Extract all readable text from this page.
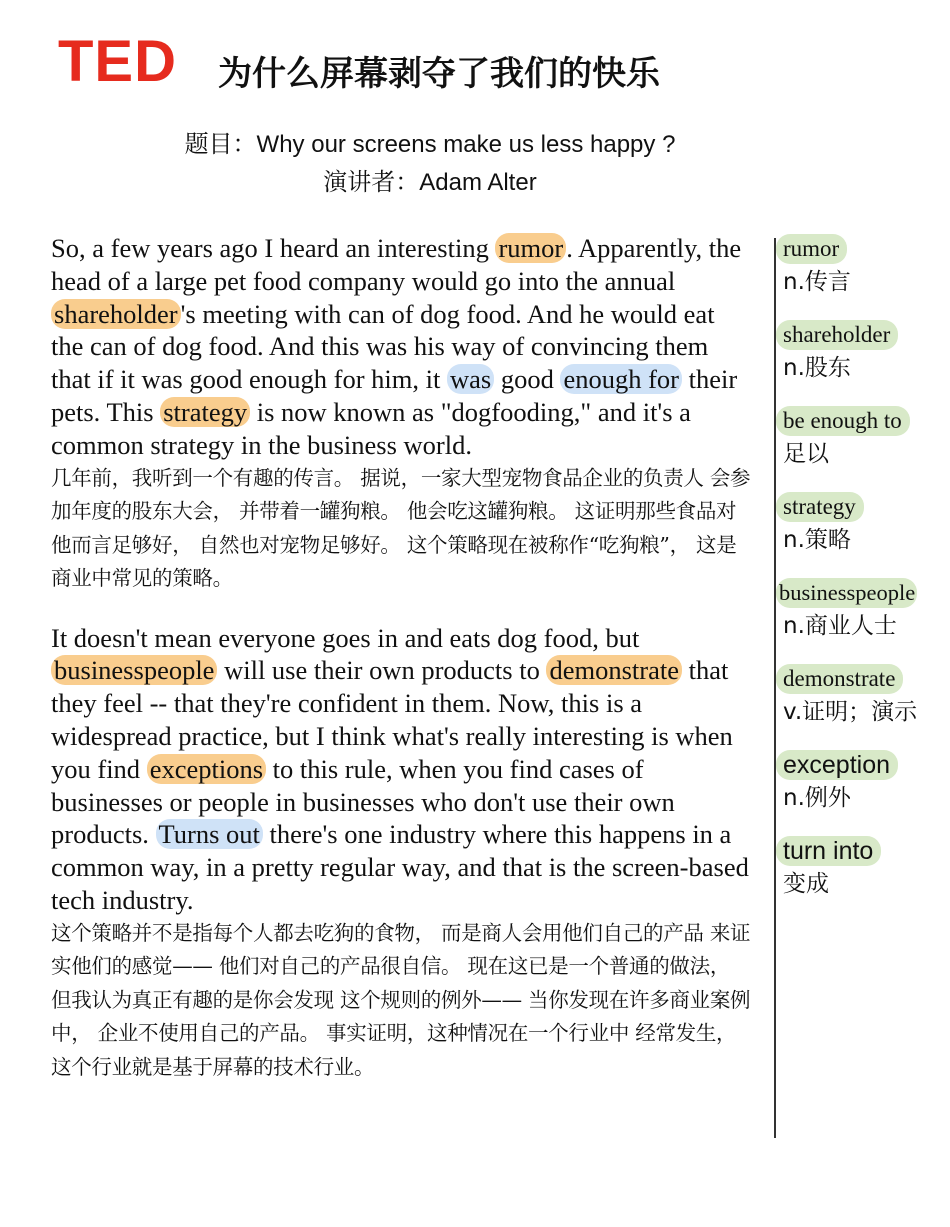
TED 为什么屏幕剥夺了我们的快乐
题目：Why our screens make us less happy ?
演讲者：Adam Alter

So, a few years ago I heard an interesting rumor . Apparently, the head of a large pet food company would go into the annual shareholder 's meeting with can of dog food. And he would eat the can of dog food. And this was his way of convincing them that if it was good enough for him, it was good enough for their pets. This strategy is now known as "dogfooding," and it's a common strategy in the business world.

几年前，我听到一个有趣的传言。 据说，一家大型宠物食品企业的负责人 会参加年度的股东大会， 并带着一罐狗粮。 他会吃这罐狗粮。 这证明那些食品对他而言足够好， 自然也对宠物足够好。 这个策略现在被称作“吃狗粮”， 这是商业中常见的策略。

It doesn't mean everyone goes in and eats dog food, but businesspeople will use their own products to demonstrate that they feel -- that they're confident in them. Now, this is a widespread practice, but I think what's really interesting is when you find exceptions to this rule, when you find cases of businesses or people in businesses who don't use their own products. Turns out there's one industry where this happens in a common way, in a pretty regular way, and that is the screen-based tech industry.

这个策略并不是指每个人都去吃狗的食物， 而是商人会用他们自己的产品 来证实他们的感觉—— 他们对自己的产品很自信。 现在这已是一个普通的做法， 但我认为真正有趣的是你会发现 这个规则的例外—— 当你发现在许多商业案例中， 企业不使用自己的产品。 事实证明，这种情况在一个行业中 经常发生， 这个行业就是基于屏幕的技术行业。

rumor
n.传言
shareholder
n.股东
be enough to
足以
strategy
n.策略
businesspeople
n.商业人士
demonstrate
v.证明；演示
exception
n.例外
turn into
变成
